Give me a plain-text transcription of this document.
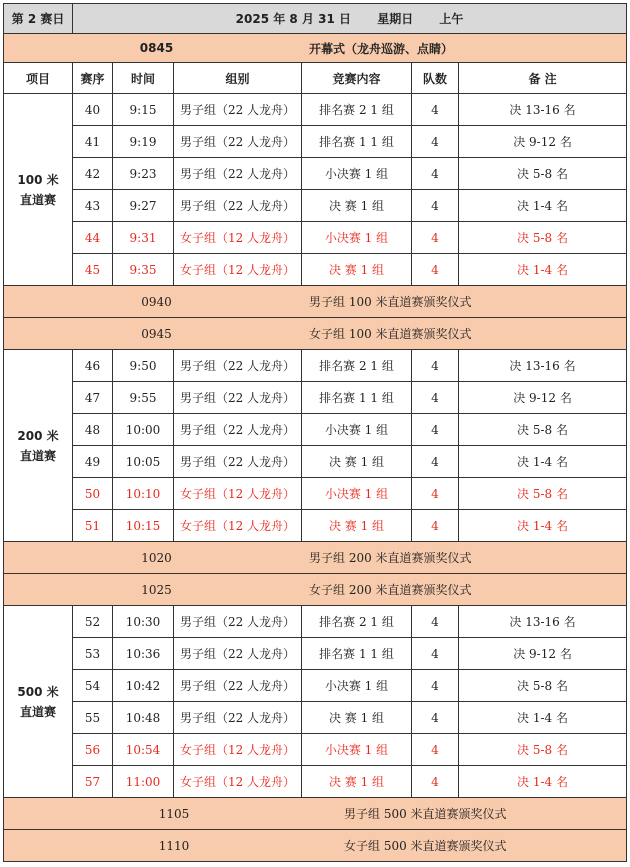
第 2 赛日	2025 年 8 月 31 日 星期日 上午					

0845 开幕式（龙舟巡游、点睛）						

项目	赛序	时间	组别	竞赛内容	队数	备 注

100 米
直道赛	40	9:15	男子组（22 人龙舟）	排名赛 2 1 组	4	决 13-16 名
	41	9:19	男子组（22 人龙舟）	排名赛 1 1 组	4	决 9-12 名
	42	9:23	男子组（22 人龙舟）	小决赛 1 组	4	决 5-8 名
	43	9:27	男子组（22 人龙舟）	决 赛 1 组	4	决 1-4 名
	44	9:31	女子组（12 人龙舟）	小决赛 1 组	4	决 5-8 名
	45	9:35	女子组（12 人龙舟）	决 赛 1 组	4	决 1-4 名

0940 男子组 100 米直道赛颁奖仪式						

0945 女子组 100 米直道赛颁奖仪式						

200 米
直道赛	46	9:50	男子组（22 人龙舟）	排名赛 2 1 组	4	决 13-16 名
	47	9:55	男子组（22 人龙舟）	排名赛 1 1 组	4	决 9-12 名
	48	10:00	男子组（22 人龙舟）	小决赛 1 组	4	决 5-8 名
	49	10:05	男子组（22 人龙舟）	决 赛 1 组	4	决 1-4 名
	50	10:10	女子组（12 人龙舟）	小决赛 1 组	4	决 5-8 名
	51	10:15	女子组（12 人龙舟）	决 赛 1 组	4	决 1-4 名

1020 男子组 200 米直道赛颁奖仪式						

1025 女子组 200 米直道赛颁奖仪式						

500 米
直道赛	52	10:30	男子组（22 人龙舟）	排名赛 2 1 组	4	决 13-16 名
	53	10:36	男子组（22 人龙舟）	排名赛 1 1 组	4	决 9-12 名
	54	10:42	男子组（22 人龙舟）	小决赛 1 组	4	决 5-8 名
	55	10:48	男子组（22 人龙舟）	决 赛 1 组	4	决 1-4 名
	56	10:54	女子组（12 人龙舟）	小决赛 1 组	4	决 5-8 名
	57	11:00	女子组（12 人龙舟）	决 赛 1 组	4	决 1-4 名

1105 男子组 500 米直道赛颁奖仪式						

1110 女子组 500 米直道赛颁奖仪式						
